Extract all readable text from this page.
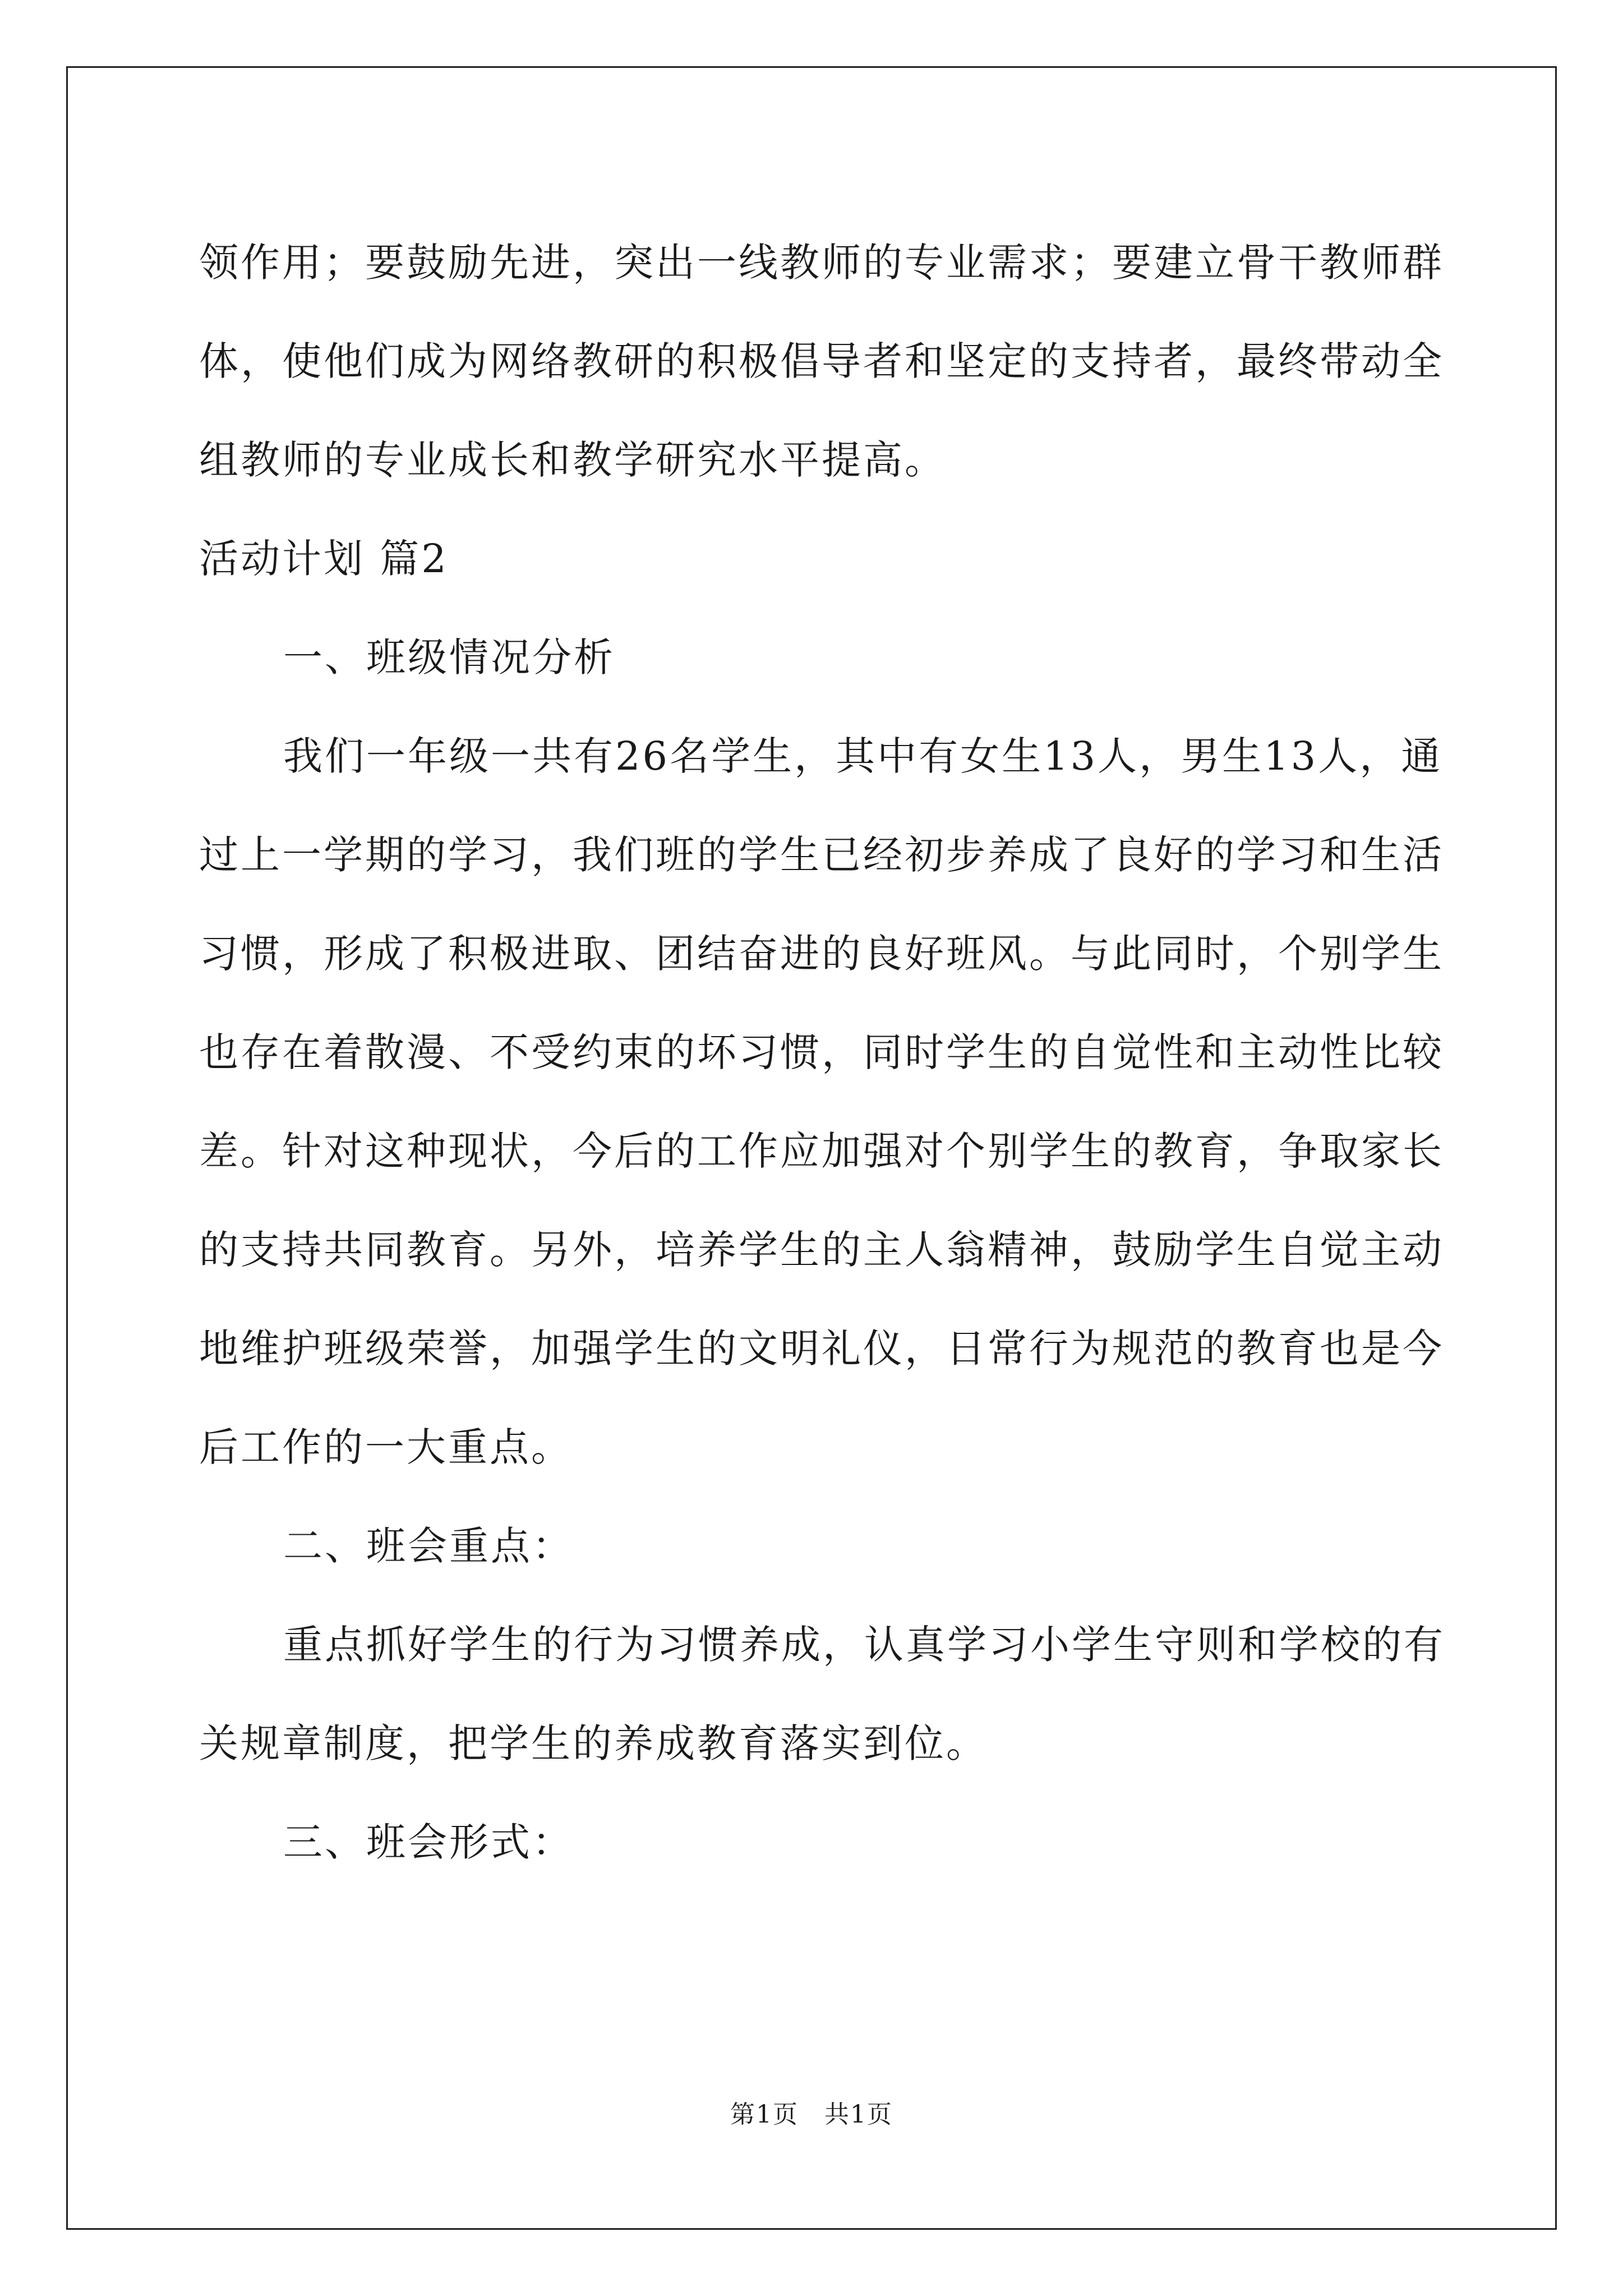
领作用；要鼓励先进，突出一线教师的专业需求；要建立骨干教师群
体，使他们成为网络教研的积极倡导者和坚定的支持者，最终带动全
组教师的专业成长和教学研究水平提高。
活动计划 篇2
一、班级情况分析
我们一年级一共有26名学生，其中有女生13人，男生13人，通
过上一学期的学习，我们班的学生已经初步养成了良好的学习和生活
习惯，形成了积极进取、团结奋进的良好班风。与此同时，个别学生
也存在着散漫、不受约束的坏习惯，同时学生的自觉性和主动性比较
差。针对这种现状，今后的工作应加强对个别学生的教育，争取家长
的支持共同教育。另外，培养学生的主人翁精神，鼓励学生自觉主动
地维护班级荣誉，加强学生的文明礼仪，日常行为规范的教育也是今
后工作的一大重点。
二、班会重点：
重点抓好学生的行为习惯养成，认真学习小学生守则和学校的有
关规章制度，把学生的养成教育落实到位。
三、班会形式：
第1页　共1页
